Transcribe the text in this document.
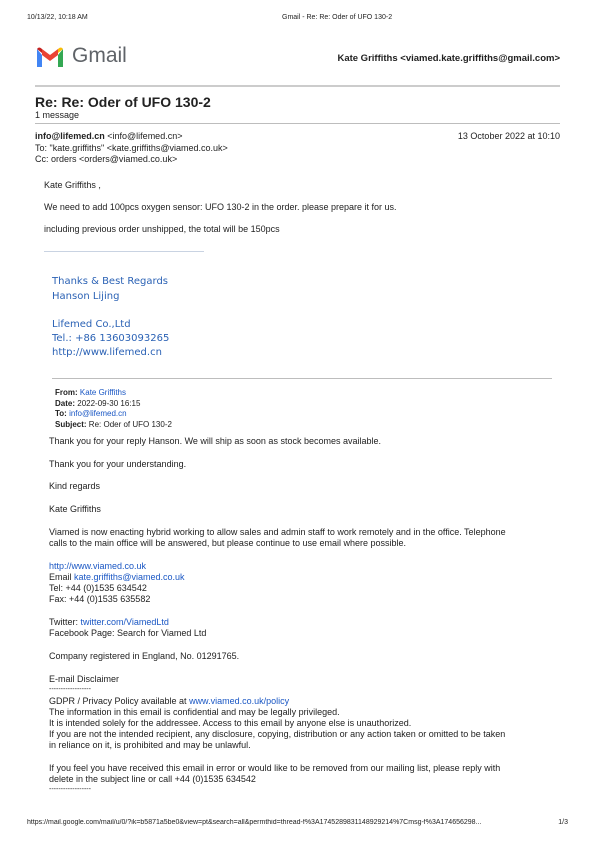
10/13/22, 10:18 AM	Gmail - Re: Re: Oder of UFO 130-2
Gmail	Kate Griffiths <viamed.kate.griffiths@gmail.com>
Re: Re: Oder of UFO 130-2
1 message
info@lifemed.cn <info@lifemed.cn>	13 October 2022 at 10:10
To: "kate.griffiths" <kate.griffiths@viamed.co.uk>
Cc: orders <orders@viamed.co.uk>
Kate Griffiths ,
We need to add 100pcs oxygen sensor: UFO 130-2 in the order. please prepare it for us.
including previous order unshipped, the total will be 150pcs
Thanks & Best Regards
Hanson Lijing
Lifemed Co.,Ltd
Tel.: +86 13603093265
http://www.lifemed.cn
From: Kate Griffiths
Date: 2022-09-30 16:15
To: info@lifemed.cn
Subject: Re: Oder of UFO 130-2
Thank you for your reply Hanson. We will ship as soon as stock becomes available.
Thank you for your understanding.
Kind regards
Kate Griffiths
Viamed is now enacting hybrid working to allow sales and admin staff to work remotely and in the office. Telephone
calls to the main office will be answered, but please continue to use email where possible.
http://www.viamed.co.uk
Email kate.griffiths@viamed.co.uk
Tel: +44 (0)1535 634542
Fax: +44 (0)1535 635582
Twitter: twitter.com/ViamedLtd
Facebook Page: Search for Viamed Ltd
Company registered in England, No. 01291765.
E-mail Disclaimer
------------------
GDPR / Privacy Policy available at www.viamed.co.uk/policy
The information in this email is confidential and may be legally privileged.
It is intended solely for the addressee. Access to this email by anyone else is unauthorized.
If you are not the intended recipient, any disclosure, copying, distribution or any action taken or omitted to be taken
in reliance on it, is prohibited and may be unlawful.
If you feel you have received this email in error or would like to be removed from our mailing list, please reply with
delete in the subject line or call +44 (0)1535 634542
------------------
https://mail.google.com/mail/u/0/?ik=b5871a5be0&view=pt&search=all&permthid=thread-f%3A1745289831148929214%7Cmsg-f%3A174656298...	1/3
